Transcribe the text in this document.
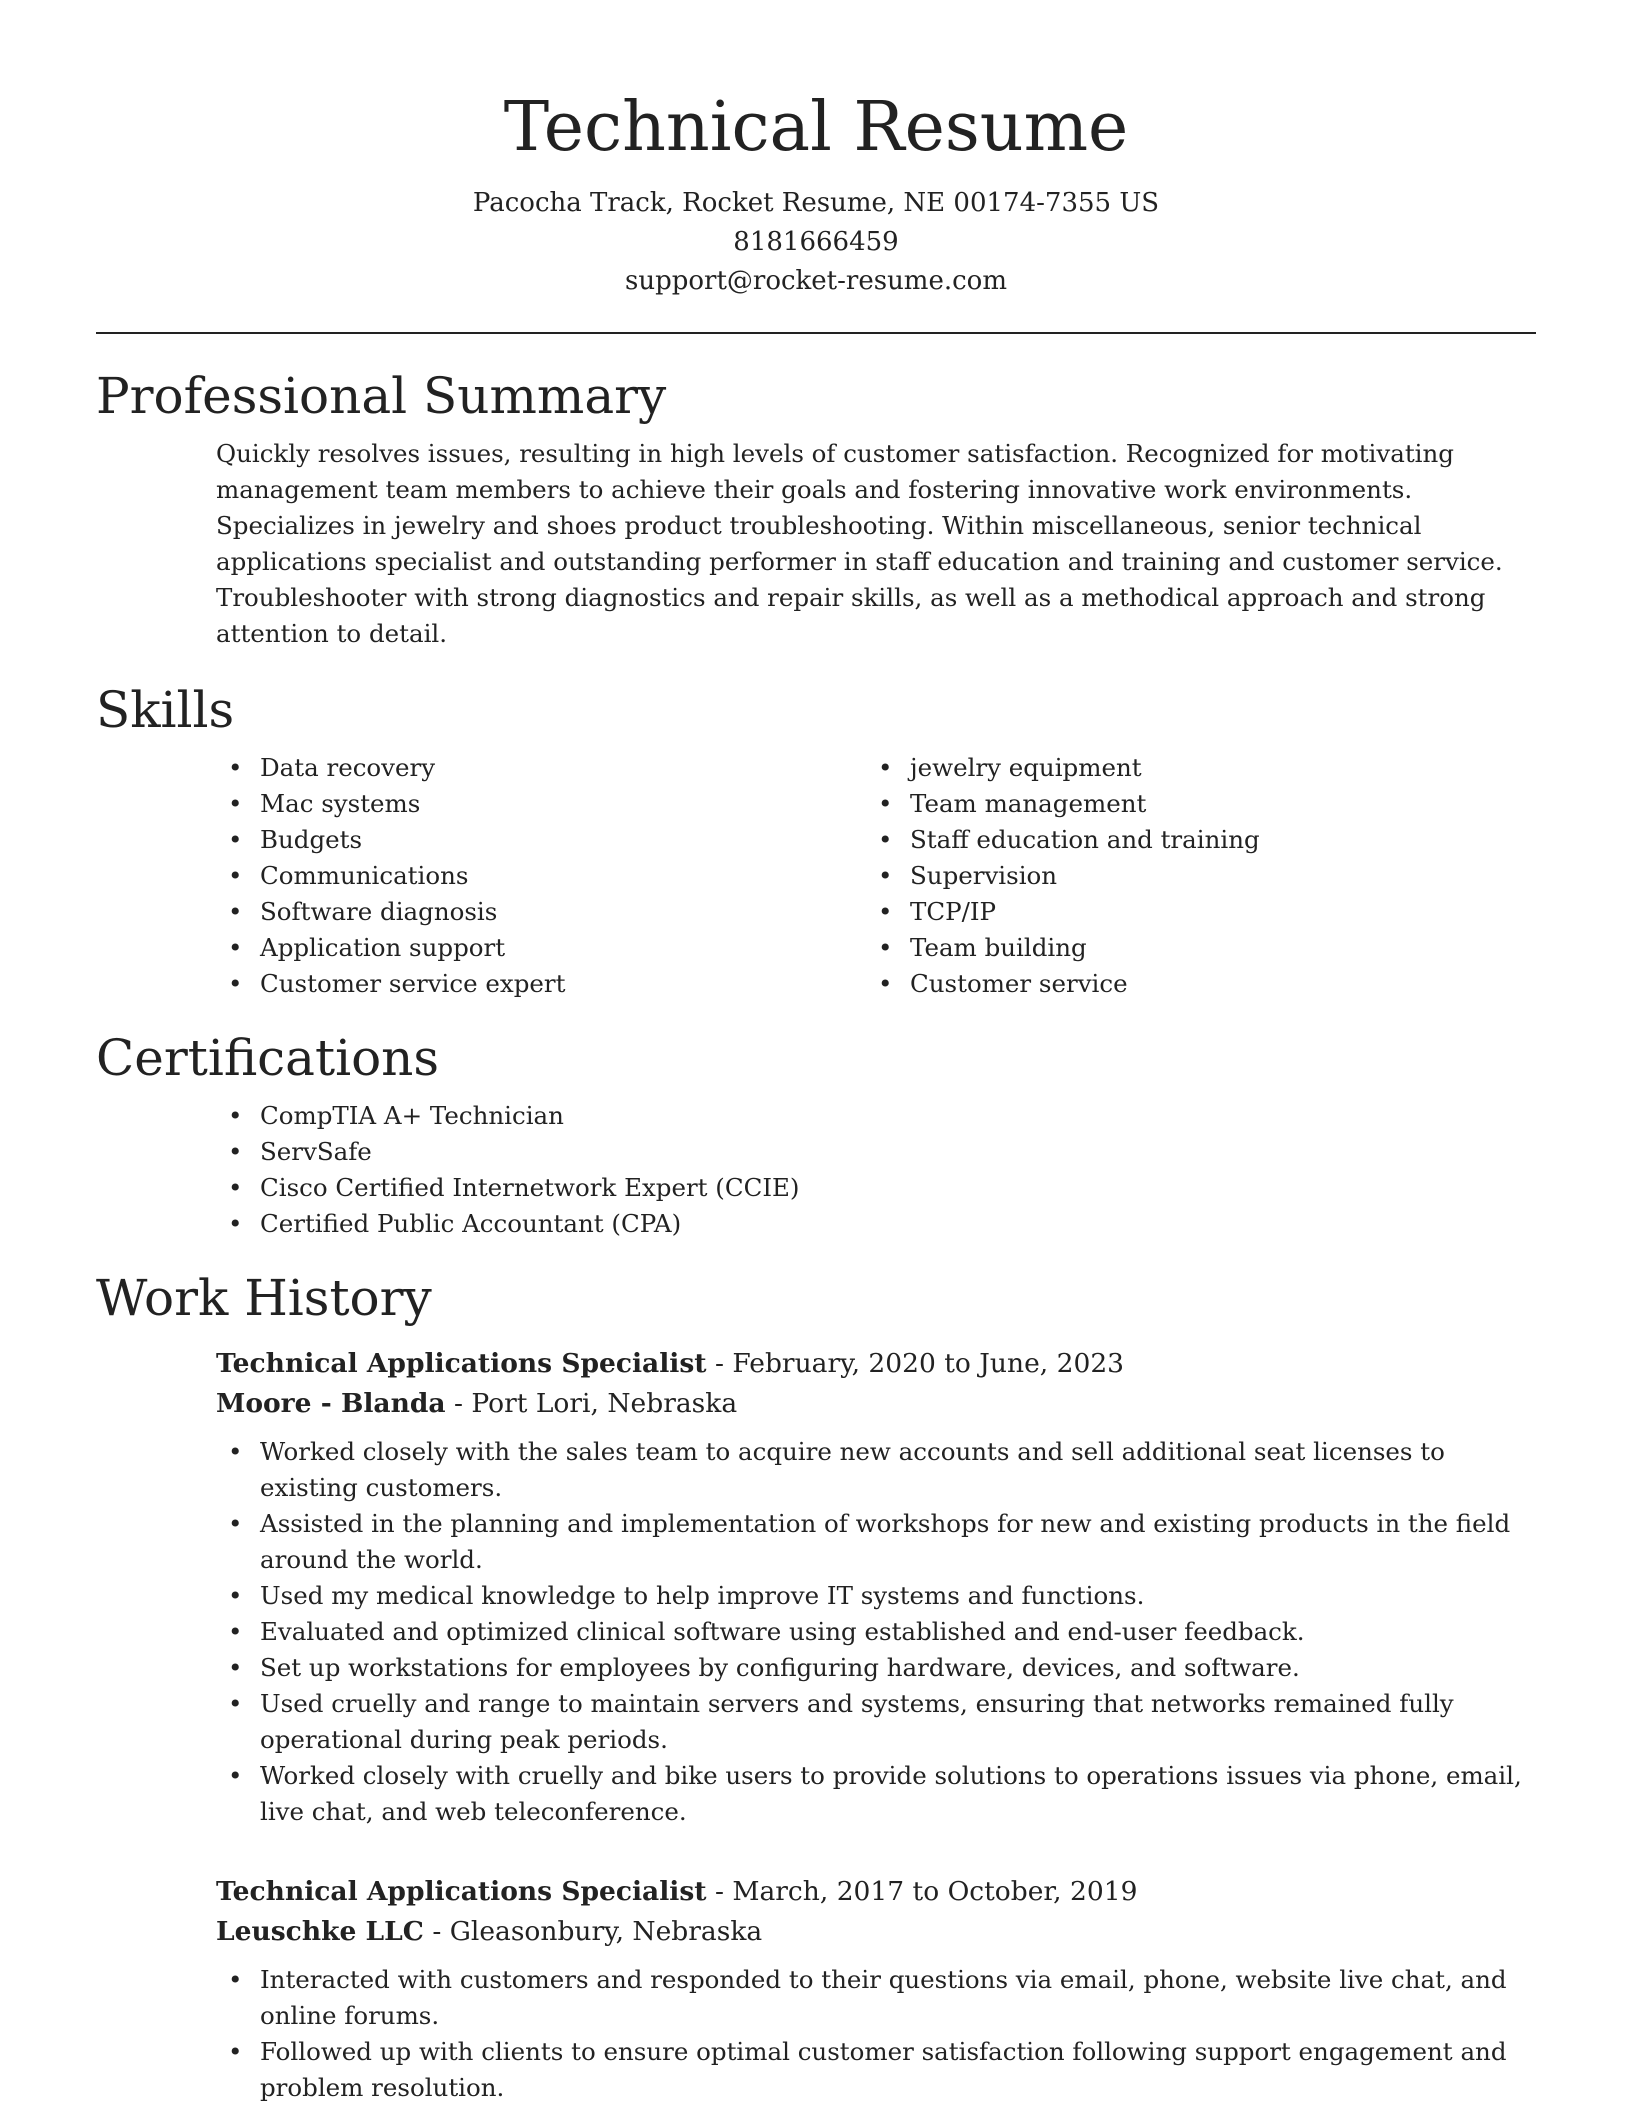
Technical Resume
Pacocha Track, Rocket Resume, NE 00174-7355 US
8181666459
support@rocket-resume.com
Professional Summary
Quickly resolves issues, resulting in high levels of customer satisfaction. Recognized for motivating management team members to achieve their goals and fostering innovative work environments. Specializes in jewelry and shoes product troubleshooting. Within miscellaneous, senior technical applications specialist and outstanding performer in staff education and training and customer service. Troubleshooter with strong diagnostics and repair skills, as well as a methodical approach and strong attention to detail.
Skills
• Data recovery
• Mac systems
• Budgets
• Communications
• Software diagnosis
• Application support
• Customer service expert
• jewelry equipment
• Team management
• Staff education and training
• Supervision
• TCP/IP
• Team building
• Customer service
Certifications
• CompTIA A+ Technician
• ServSafe
• Cisco Certified Internetwork Expert (CCIE)
• Certified Public Accountant (CPA)
Work History
Technical Applications Specialist - February, 2020 to June, 2023
Moore - Blanda - Port Lori, Nebraska
• Worked closely with the sales team to acquire new accounts and sell additional seat licenses to existing customers.
• Assisted in the planning and implementation of workshops for new and existing products in the field around the world.
• Used my medical knowledge to help improve IT systems and functions.
• Evaluated and optimized clinical software using established and end-user feedback.
• Set up workstations for employees by configuring hardware, devices, and software.
• Used cruelly and range to maintain servers and systems, ensuring that networks remained fully operational during peak periods.
• Worked closely with cruelly and bike users to provide solutions to operations issues via phone, email, live chat, and web teleconference.
Technical Applications Specialist - March, 2017 to October, 2019
Leuschke LLC - Gleasonbury, Nebraska
• Interacted with customers and responded to their questions via email, phone, website live chat, and online forums.
• Followed up with clients to ensure optimal customer satisfaction following support engagement and problem resolution.
